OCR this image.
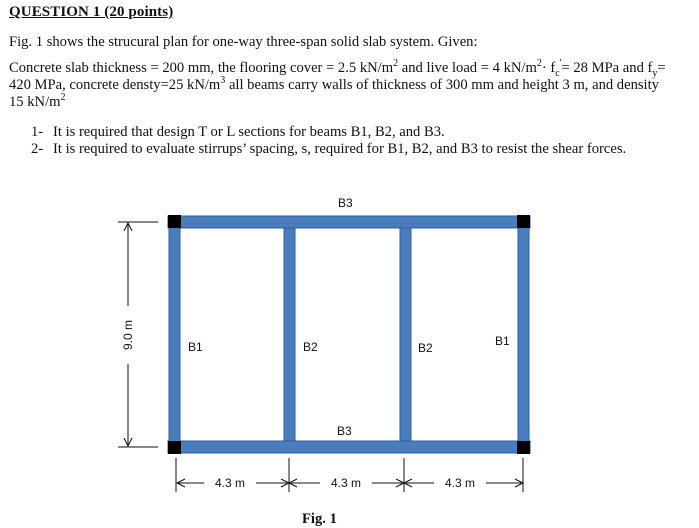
QUESTION 1 (20 points)
Fig. 1 shows the strucural plan for one-way three-span solid slab system. Given:
Concrete slab thickness = 200 mm, the flooring cover = 2.5 $kN/m^2$ and live load = 4 $kN/m^2\cdot f_c'= 28$ MPa and $f_y= 420$ MPa, concrete densty=25 $kN/m^3$ all beams carry walls of thickness of 300 mm and height 3 m, and density 15 $kN/m^2$
1- It is required that design T or L sections for beams B1, B2, and B3.
2- It is required to evaluate stirrups’ spacing, s, required for B1, B2, and B3 to resist the shear forces.
B3
B3
B1	B2	B2	B1
9.0 m
4.3 m	4.3 m	4.3 m
Fig. 1
